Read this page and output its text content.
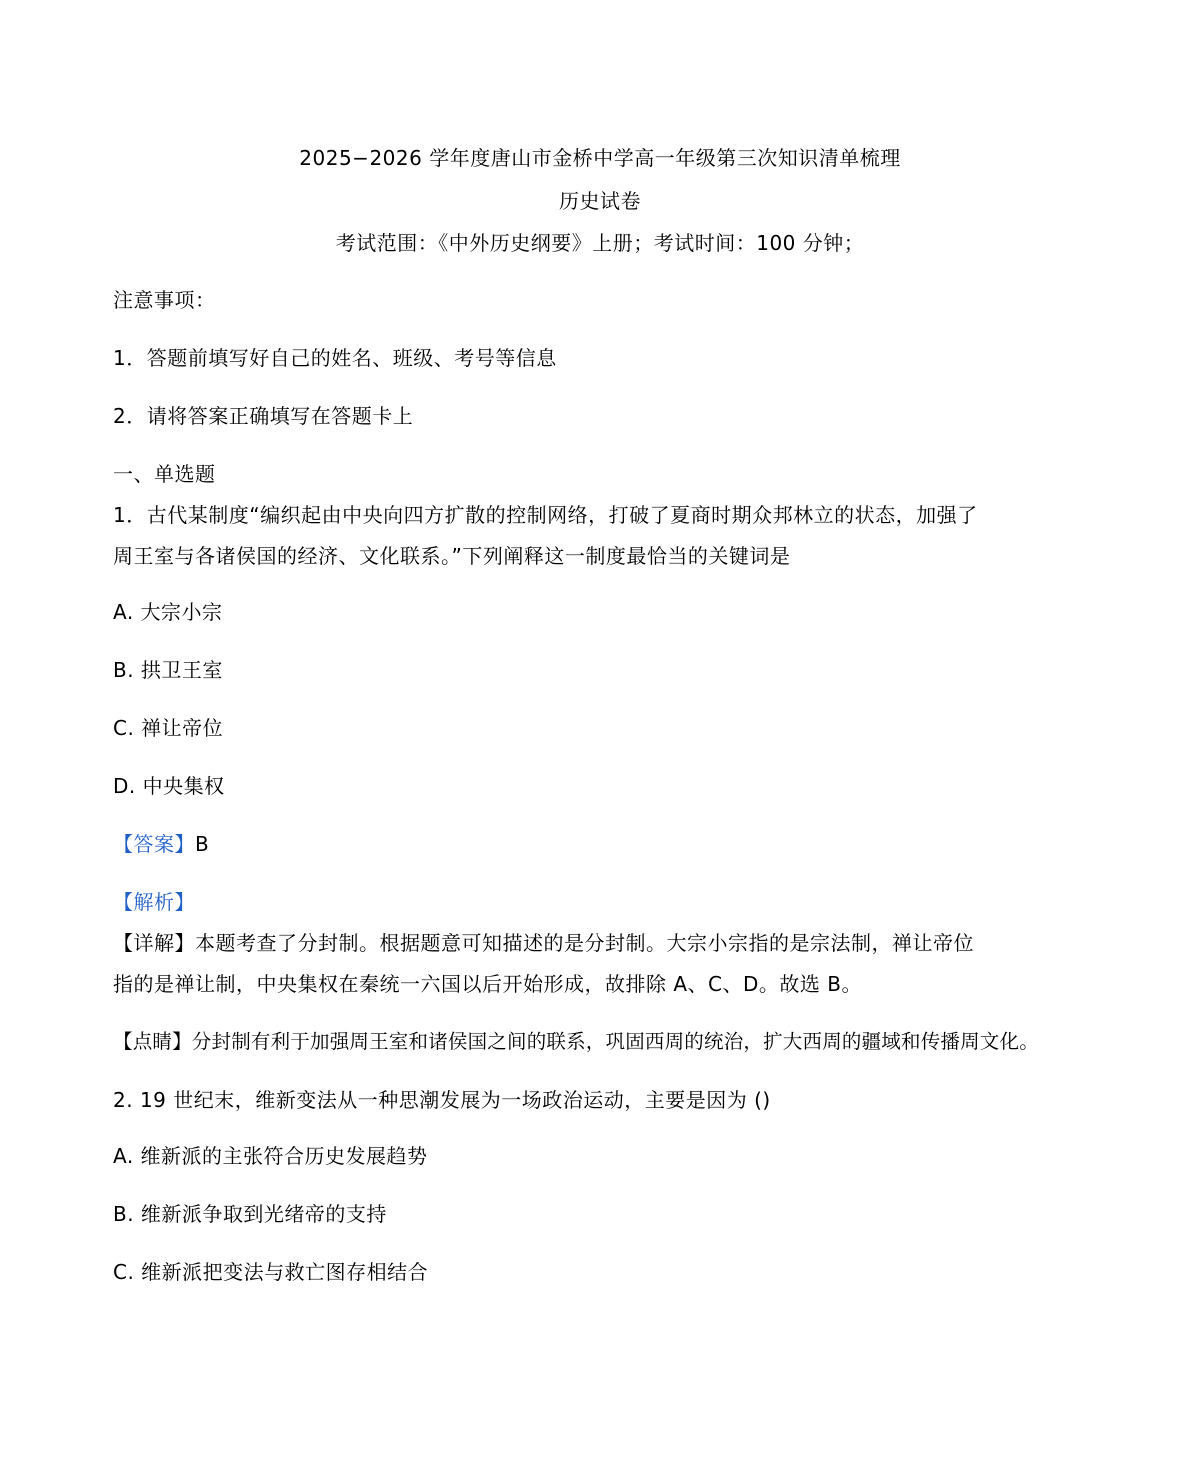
2025−2026 学年度唐山市金桥中学高一年级第三次知识清单梳理
历史试卷
考试范围：《中外历史纲要》上册；考试时间：100 分钟；
注意事项：
1．答题前填写好自己的姓名、班级、考号等信息
2．请将答案正确填写在答题卡上
一、单选题
1．古代某制度“编织起由中央向四方扩散的控制网络，打破了夏商时期众邦林立的状态，加强了
周王室与各诸侯国的经济、文化联系。”下列阐释这一制度最恰当的关键词是
A. 大宗小宗
B. 拱卫王室
C. 禅让帝位
D. 中央集权
【答案】B
【解析】
【详解】本题考查了分封制。根据题意可知描述的是分封制。大宗小宗指的是宗法制，禅让帝位
指的是禅让制，中央集权在秦统一六国以后开始形成，故排除 A、C、D。故选 B。
【点睛】分封制有利于加强周王室和诸侯国之间的联系，巩固西周的统治，扩大西周的疆域和传播周文化。
2. 19 世纪末，维新变法从一种思潮发展为一场政治运动，主要是因为 ()
A. 维新派的主张符合历史发展趋势
B. 维新派争取到光绪帝的支持
C. 维新派把变法与救亡图存相结合
